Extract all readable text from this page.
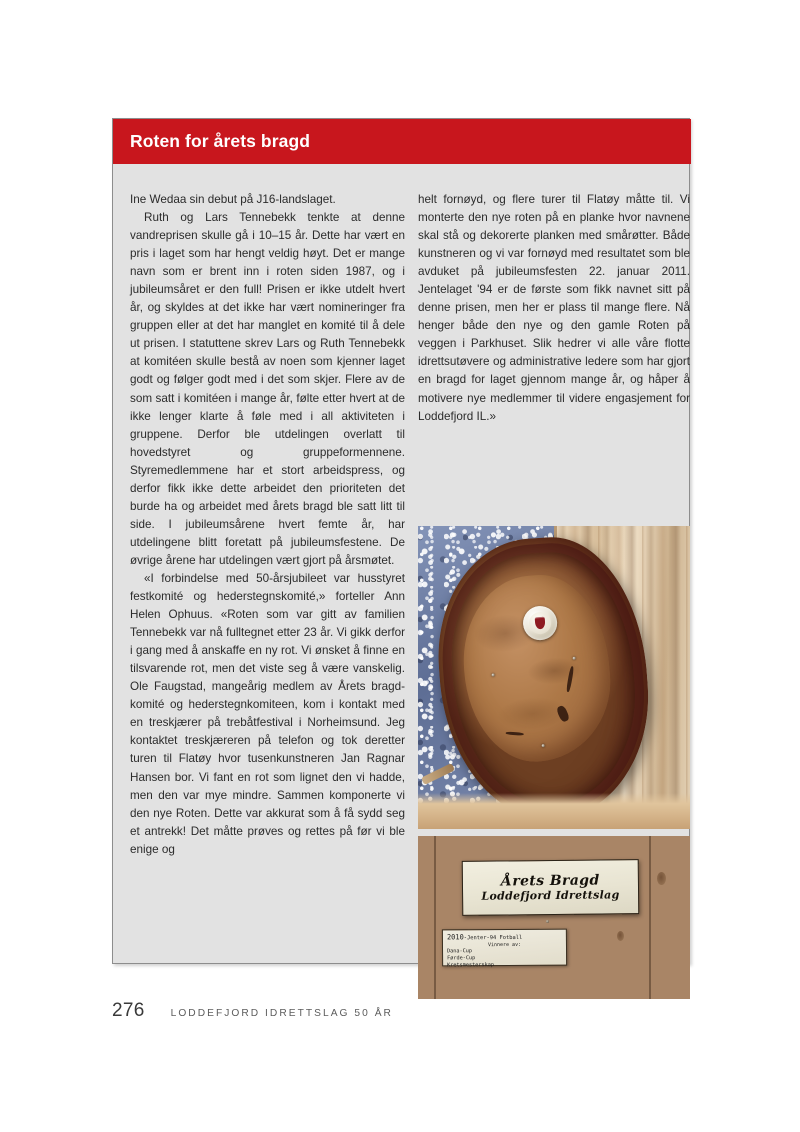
Roten for årets bragd

Ine Wedaa sin debut på J16-landslaget.

Ruth og Lars Tennebekk tenkte at denne vandreprisen skulle gå i 10–15 år. Dette har vært en pris i laget som har hengt veldig høyt. Det er mange navn som er brent inn i roten siden 1987, og i jubileumsåret er den full! Prisen er ikke utdelt hvert år, og skyldes at det ikke har vært nomineringer fra gruppen eller at det har manglet en komité til å dele ut prisen. I statuttene skrev Lars og Ruth Tennebekk at komitéen skulle bestå av noen som kjenner laget godt og følger godt med i det som skjer. Flere av de som satt i komitéen i mange år, følte etter hvert at de ikke lenger klarte å føle med i all aktiviteten i gruppene. Derfor ble utdelingen overlatt til hovedstyret og gruppeformennene. Styremedlemmene har et stort arbeidspress, og derfor fikk ikke dette arbeidet den prioriteten det burde ha og arbeidet med årets bragd ble satt litt til side. I jubileumsårene hvert femte år, har utdelingene blitt foretatt på jubileumsfestene. De øvrige årene har utdelingen vært gjort på årsmøtet.

«I forbindelse med 50-årsjubileet var husstyret festkomité og hederstegnskomité,» forteller Ann Helen Ophuus. «Roten som var gitt av familien Tennebekk var nå fulltegnet etter 23 år. Vi gikk derfor i gang med å anskaffe en ny rot. Vi ønsket å finne en tilsvarende rot, men det viste seg å være vanskelig. Ole Faugstad, mangeårig medlem av Årets bragd-komité og hederstegnkomiteen, kom i kontakt med en treskjærer på trebåtfestival i Norheimsund. Jeg kontaktet treskjæreren på telefon og tok deretter turen til Flatøy hvor tusenkunstneren Jan Ragnar Hansen bor. Vi fant en rot som lignet den vi hadde, men den var mye mindre. Sammen komponerte vi den nye Roten. Dette var akkurat som å få sydd seg et antrekk! Det måtte prøves og rettes på før vi ble enige og

helt fornøyd, og flere turer til Flatøy måtte til. Vi monterte den nye roten på en planke hvor navnene skal stå og dekorerte planken med smårøtter. Både kunstneren og vi var fornøyd med resultatet som ble avduket på jubileumsfesten 22. januar 2011. Jentelaget '94 er de første som fikk navnet sitt på denne prisen, men her er plass til mange flere. Nå henger både den nye og den gamle Roten på veggen i Parkhuset. Slik hedrer vi alle våre flotte idrettsutøvere og administrative ledere som har gjort en bragd for laget gjennom mange år, og håper å motivere nye medlemmer til videre engasjement for Loddefjord IL.»

Årets Bragd
Loddefjord Idrettslag
2010-Jenter-94 Fotball
Vinnere av:
Dana-Cup
Førde-Cup
Kretsmesterskap
276	LODDEFJORD IDRETTSLAG 50 ÅR
